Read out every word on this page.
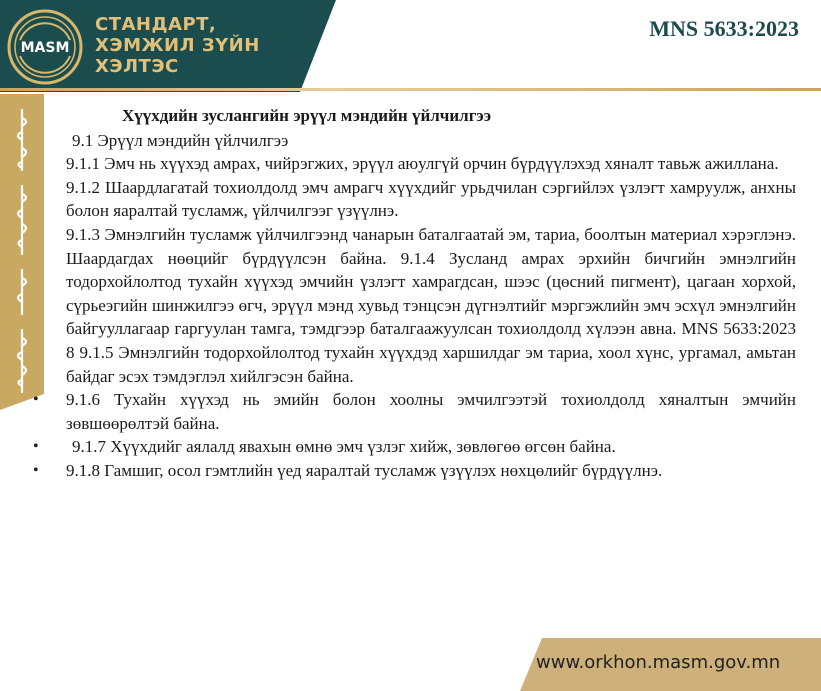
MASM
СТАНДАРТ,
ХЭМЖИЛ ЗҮЙН
ХЭЛТЭС
MNS 5633:2023

Хүүхдийн зуслангийн эрүүл мэндийн үйлчилгээ

9.1 Эрүүл мэндийн үйлчилгээ

9.1.1 Эмч нь хүүхэд амрах, чийрэгжих, эрүүл аюулгүй орчин бүрдүүлэхэд хяналт тавьж ажиллана.

9.1.2 Шаардлагатай тохиолдолд эмч амрагч хүүхдийг урьдчилан сэргийлэх үзлэгт хамруулж, анхны болон яаралтай тусламж, үйлчилгээг үзүүлнэ.

9.1.3 Эмнэлгийн тусламж үйлчилгээнд чанарын баталгаатай эм, тариа, боолтын материал хэрэглэнэ. Шаардагдах нөөцийг бүрдүүлсэн байна. 9.1.4 Зусланд амрах эрхийн бичгийн эмнэлгийн тодорхойлолтод тухайн хүүхэд эмчийн үзлэгт хамрагдсан, шээс (цөсний пигмент), цагаан хорхой, сүрьеэгийн шинжилгээ өгч, эрүүл мэнд хувьд тэнцсэн дүгнэлтийг мэргэжлийн эмч эсхүл эмнэлгийн байгууллагаар гаргуулан тамга, тэмдгээр баталгаажуулсан тохиолдолд хүлээн авна. MNS 5633:2023 8 9.1.5 Эмнэлгийн тодорхойлолтод тухайн хүүхдэд харшилдаг эм тариа, хоол хүнс, ургамал, амьтан байдаг эсэх тэмдэглэл хийлгэсэн байна.

• 9.1.6 Тухайн хүүхэд нь эмийн болон хоолны эмчилгээтэй тохиолдолд хяналтын эмчийн зөвшөөрөлтэй байна.
• 9.1.7 Хүүхдийг аялалд явахын өмнө эмч үзлэг хийж, зөвлөгөө өгсөн байна.
• 9.1.8 Гамшиг, осол гэмтлийн үед яаралтай тусламж үзүүлэх нөхцөлийг бүрдүүлнэ.
www.orkhon.masm.gov.mn
